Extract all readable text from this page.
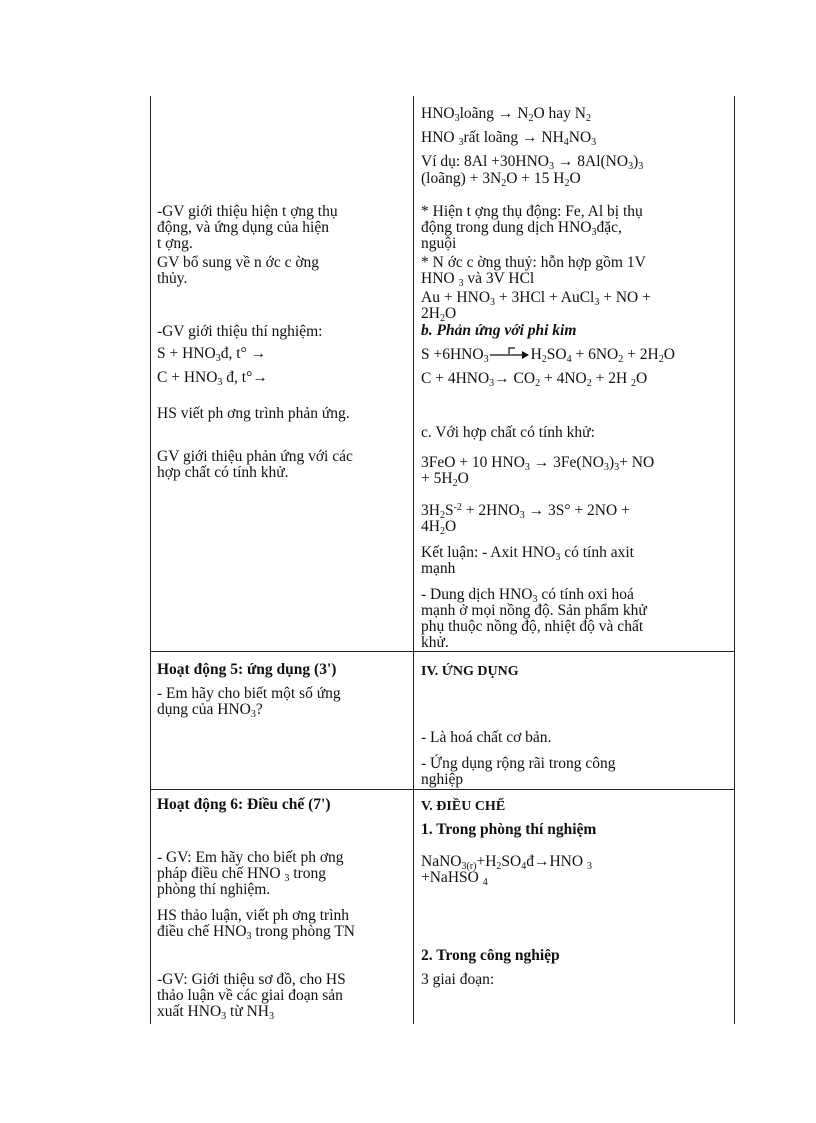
$HNO_3loãng \to N_2O$ hay $N_2$
HNO $_3$rất loãng → $NH_4NO_3$
Ví dụ: $8Al +30HNO_3 \to 8Al(NO_3)_3$
(loãng) + $3N_2O + 15$ $H_2O$
-GV giới thiệu hiện t ợng thụ
động, và ứng dụng của hiện
t ợng.
GV bổ sung về n ớc c ờng
thủy.
* Hiện t ợng thụ động: Fe, Al bị thụ
động trong dung dịch $HNO_3đặc$,
nguội
* N ớc c ờng thuỷ: hỗn hợp gồm 1V
HNO $_3$ và 3V HCl
$Au + HNO_3 + 3HCl$ + AuCl$_3$ + NO +
$2H_2O$
-GV giới thiệu thí nghiệm:
$S + HNO_3đ$, t° →
$C + HNO_3$ đ, t°→
b. Phản ứng với phi kim
$S +6HNO_3$	$H_2SO_4 + 6NO_2 + 2H_2O$
$C + 4HNO_3\to CO_2 + 4NO_2 + 2H$ $_2$O
HS viết ph ơng trình phản ứng.
GV giới thiệu phản ứng với các
hợp chất có tính khử.
c. Với hợp chất có tính khử:
3FeO + 10 $HNO_3 \to 3Fe(NO_3)_3+$ NO
+ $5H_2O$
$3H_2S^{-2} + 2HNO_3 \to 3S^\circ + 2NO$ +
$4H_2O$
Kết luận: - Axit $HNO_3$ có tính axit
mạnh
- Dung dịch $HNO_3$ có tính oxi hoá
mạnh ở mọi nồng độ. Sản phẩm khử
phụ thuộc nồng độ, nhiệt độ và chất
khử.
Hoạt động 5: ứng dụng (3')
- Em hãy cho biết một số ứng
dụng của $HNO_3$?
IV. ỨNG DỤNG
- Là hoá chất cơ bản.
- Ứng dụng rộng rãi trong công
nghiệp
Hoạt động 6: Điều chế (7')	V. ĐIỀU CHẾ
1. Trong phòng thí nghiệm
- GV: Em hãy cho biết ph ơng
pháp điều chế HNO $_3$ trong
phòng thí nghiệm.
$NaNO_{3(r)}+H_2SO_4đ\to HNO$ $_3$
+NaHSO $_4$
HS thảo luận, viết ph ơng trình
điều chế $HNO_3$ trong phòng TN
2. Trong công nghiệp
3 giai đoạn:
-GV: Giới thiệu sơ đồ, cho HS
thảo luận về các giai đoạn sản
xuất $HNO_3$ từ $NH_3$
